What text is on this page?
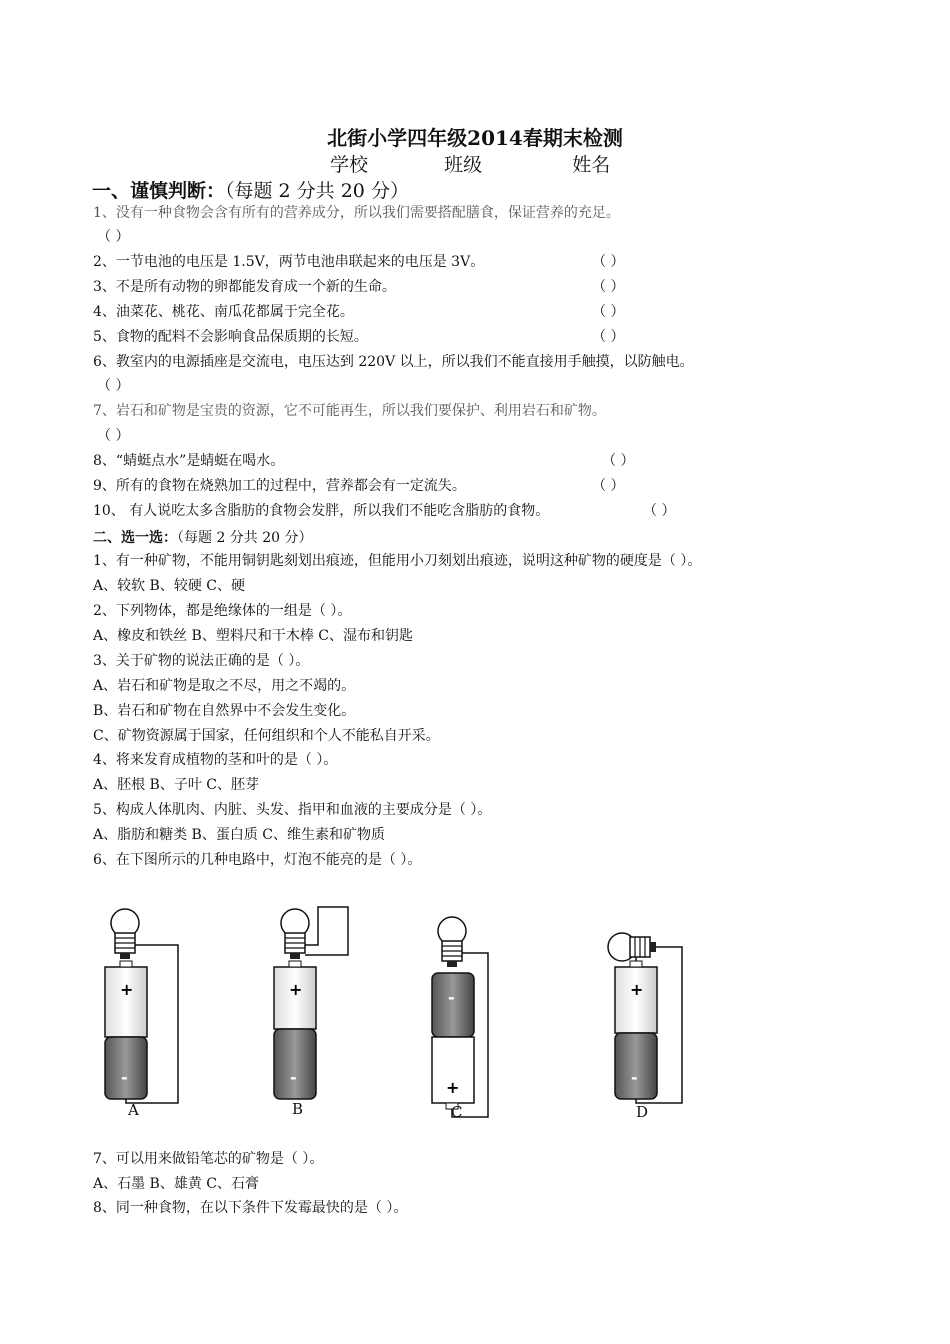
北街小学四年级2014春期末检测
学校	班级	姓名
一、谨慎判断：（每题 2 分共 20 分）
1、没有一种食物会含有所有的营养成分，所以我们需要搭配膳食，保证营养的充足。
（ ）
2、一节电池的电压是 1.5V，两节电池串联起来的电压是 3V。	（ ）
3、不是所有动物的卵都能发育成一个新的生命。	（ ）
4、油菜花、桃花、南瓜花都属于完全花。	（ ）
5、食物的配料不会影响食品保质期的长短。	（ ）
6、教室内的电源插座是交流电，电压达到 220V 以上，所以我们不能直接用手触摸，以防触电。
（ ）
7、岩石和矿物是宝贵的资源，它不可能再生，所以我们要保护、利用岩石和矿物。
（ ）
8、“蜻蜓点水”是蜻蜓在喝水。	（ ）
9、所有的食物在烧熟加工的过程中，营养都会有一定流失。	（ ）
10、 有人说吃太多含脂肪的食物会发胖，所以我们不能吃含脂肪的食物。	（ ）
二、选一选：（每题 2 分共 20 分）
1、有一种矿物，不能用铜钥匙刻划出痕迹，但能用小刀刻划出痕迹，说明这种矿物的硬度是（ ）。
A、较软 B、较硬 C、硬
2、下列物体，都是绝缘体的一组是（ ）。
A、橡皮和铁丝 B、塑料尺和干木棒 C、湿布和钥匙
3、关于矿物的说法正确的是（ ）。
A、岩石和矿物是取之不尽，用之不竭的。
B、岩石和矿物在自然界中不会发生变化。
C、矿物资源属于国家，任何组织和个人不能私自开采。
4、将来发育成植物的茎和叶的是（ ）。
A、胚根 B、子叶 C、胚芽
5、构成人体肌肉、内脏、头发、指甲和血液的主要成分是（ ）。
A、脂肪和糖类 B、蛋白质 C、维生素和矿物质
6、在下图所示的几种电路中，灯泡不能亮的是（ ）。
+
-
+
-
-
+
+
-
A	B	C	D
7、可以用来做铅笔芯的矿物是（ ）。
A、石墨 B、雄黄 C、石膏
8、同一种食物，在以下条件下发霉最快的是（ ）。
